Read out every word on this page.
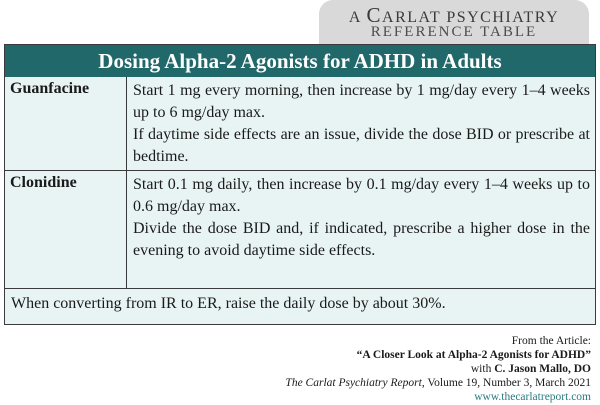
A CARLAT PSYCHIATRY
REFERENCE TABLE
Dosing Alpha-2 Agonists for ADHD in Adults
Guanfacine	Start 1 mg every morning, then increase by 1 mg/day every 1–4 weeks up to 6 mg/day max.

If daytime side effects are an issue, divide the dose BID or prescribe at bedtime.

Clonidine	Start 0.1 mg daily, then increase by 0.1 mg/day every 1–4 weeks up to 0.6 mg/day max.

Divide the dose BID and, if indicated, prescribe a higher dose in the evening to avoid daytime side effects.

When converting from IR to ER, raise the daily dose by about 30%.
From the Article:
“A Closer Look at Alpha-2 Agonists for ADHD”
with C. Jason Mallo, DO
The Carlat Psychiatry Report, Volume 19, Number 3, March 2021
www.thecarlatreport.com
